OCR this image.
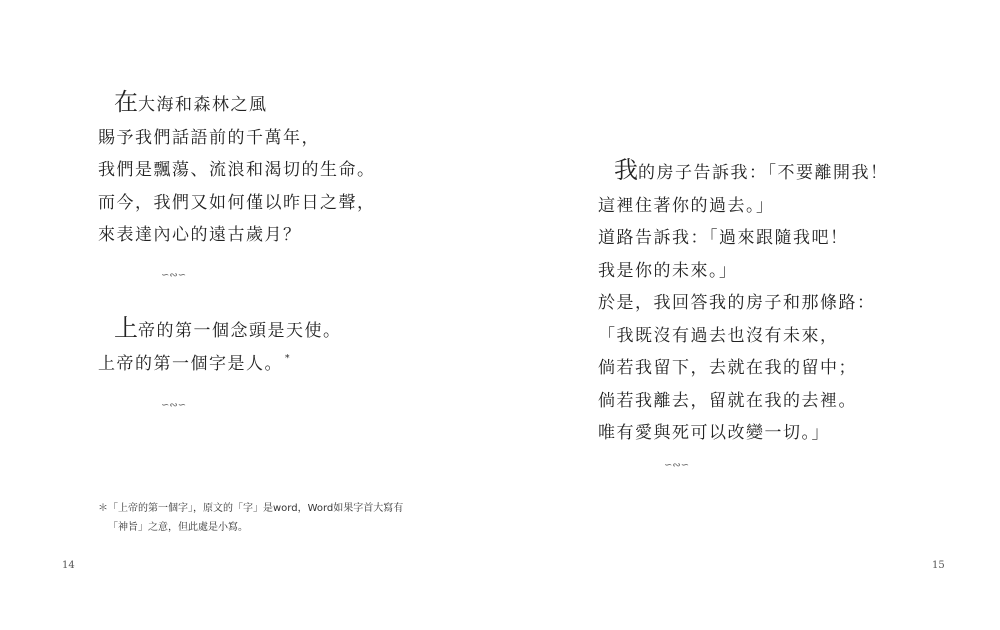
在大海和森林之風
賜予我們話語前的千萬年，
我們是飄蕩、流浪和渴切的生命。
而今，我們又如何僅以昨日之聲，
來表達內心的遠古歲月？
∽∾∽
上帝的第一個念頭是天使。
上帝的第一個字是人。 *
∽∾∽
＊「上帝的第一個字」，原文的「字」是word，Word如果字首大寫有
「神旨」之意，但此處是小寫。
14
我的房子告訴我：「不要離開我！
這裡住著你的過去。」
道路告訴我：「過來跟隨我吧！
我是你的未來。」
於是，我回答我的房子和那條路：
「我既沒有過去也沒有未來，
倘若我留下，去就在我的留中；
倘若我離去，留就在我的去裡。
唯有愛與死可以改變一切。」
∽∾∽
15
